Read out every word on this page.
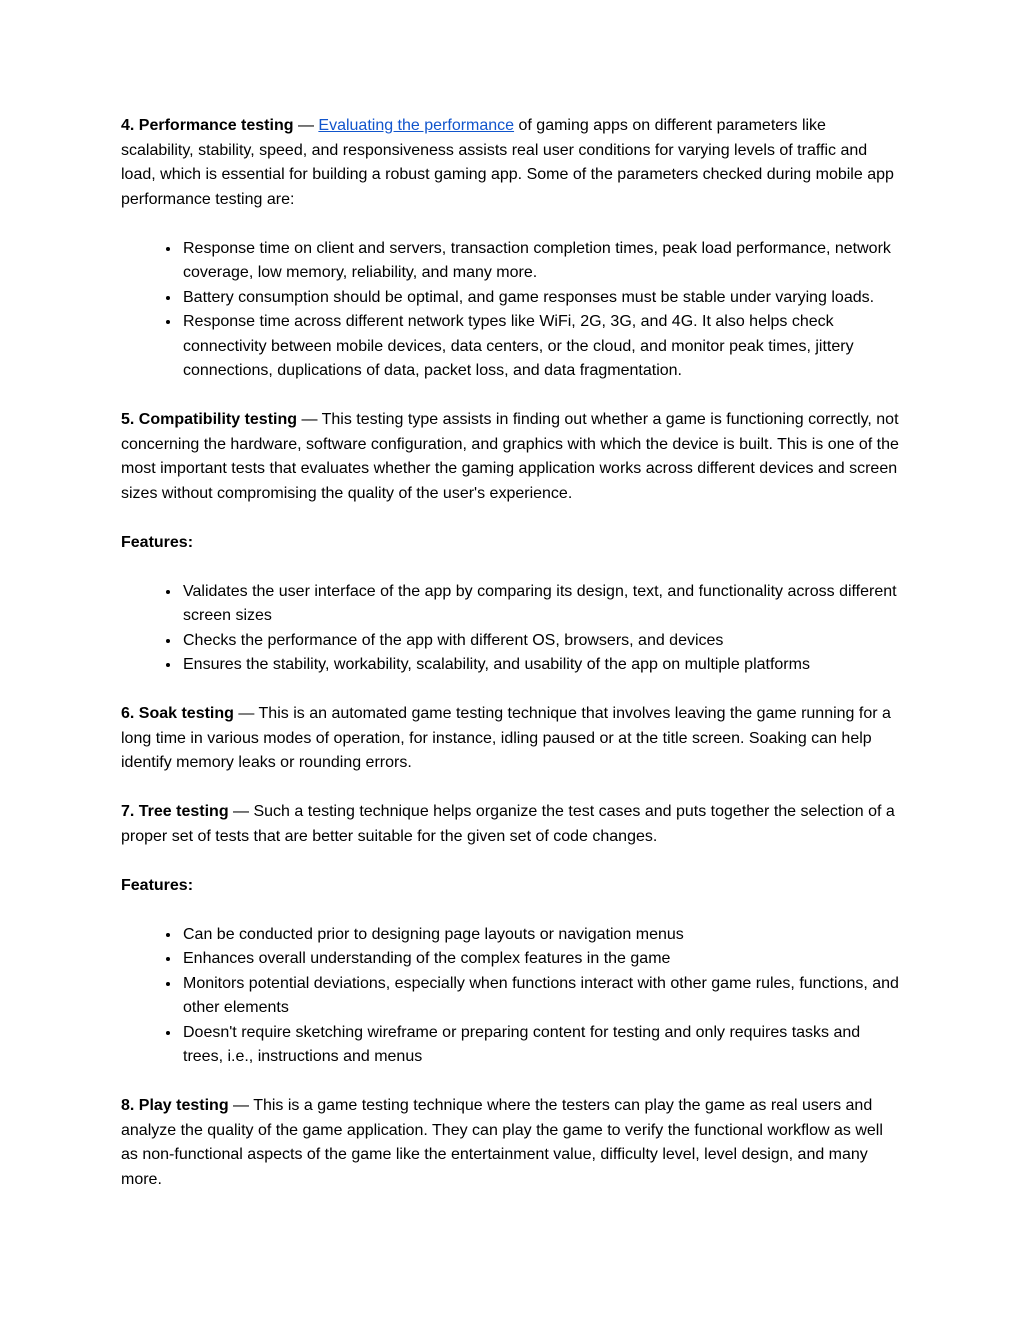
4. Performance testing — Evaluating the performance of gaming apps on different parameters like scalability, stability, speed, and responsiveness assists real user conditions for varying levels of traffic and load, which is essential for building a robust gaming app. Some of the parameters checked during mobile app performance testing are:

• Response time on client and servers, transaction completion times, peak load performance, network coverage, low memory, reliability, and many more.
• Battery consumption should be optimal, and game responses must be stable under varying loads.
• Response time across different network types like WiFi, 2G, 3G, and 4G. It also helps check connectivity between mobile devices, data centers, or the cloud, and monitor peak times, jittery connections, duplications of data, packet loss, and data fragmentation.

5. Compatibility testing — This testing type assists in finding out whether a game is functioning correctly, not concerning the hardware, software configuration, and graphics with which the device is built. This is one of the most important tests that evaluates whether the gaming application works across different devices and screen sizes without compromising the quality of the user's experience.

Features:

• Validates the user interface of the app by comparing its design, text, and functionality across different screen sizes
• Checks the performance of the app with different OS, browsers, and devices
• Ensures the stability, workability, scalability, and usability of the app on multiple platforms

6. Soak testing — This is an automated game testing technique that involves leaving the game running for a long time in various modes of operation, for instance, idling paused or at the title screen. Soaking can help identify memory leaks or rounding errors.

7. Tree testing — Such a testing technique helps organize the test cases and puts together the selection of a proper set of tests that are better suitable for the given set of code changes.

Features:

• Can be conducted prior to designing page layouts or navigation menus
• Enhances overall understanding of the complex features in the game
• Monitors potential deviations, especially when functions interact with other game rules, functions, and other elements
• Doesn't require sketching wireframe or preparing content for testing and only requires tasks and trees, i.e., instructions and menus

8. Play testing — This is a game testing technique where the testers can play the game as real users and analyze the quality of the game application. They can play the game to verify the functional workflow as well as non-functional aspects of the game like the entertainment value, difficulty level, level design, and many more.
